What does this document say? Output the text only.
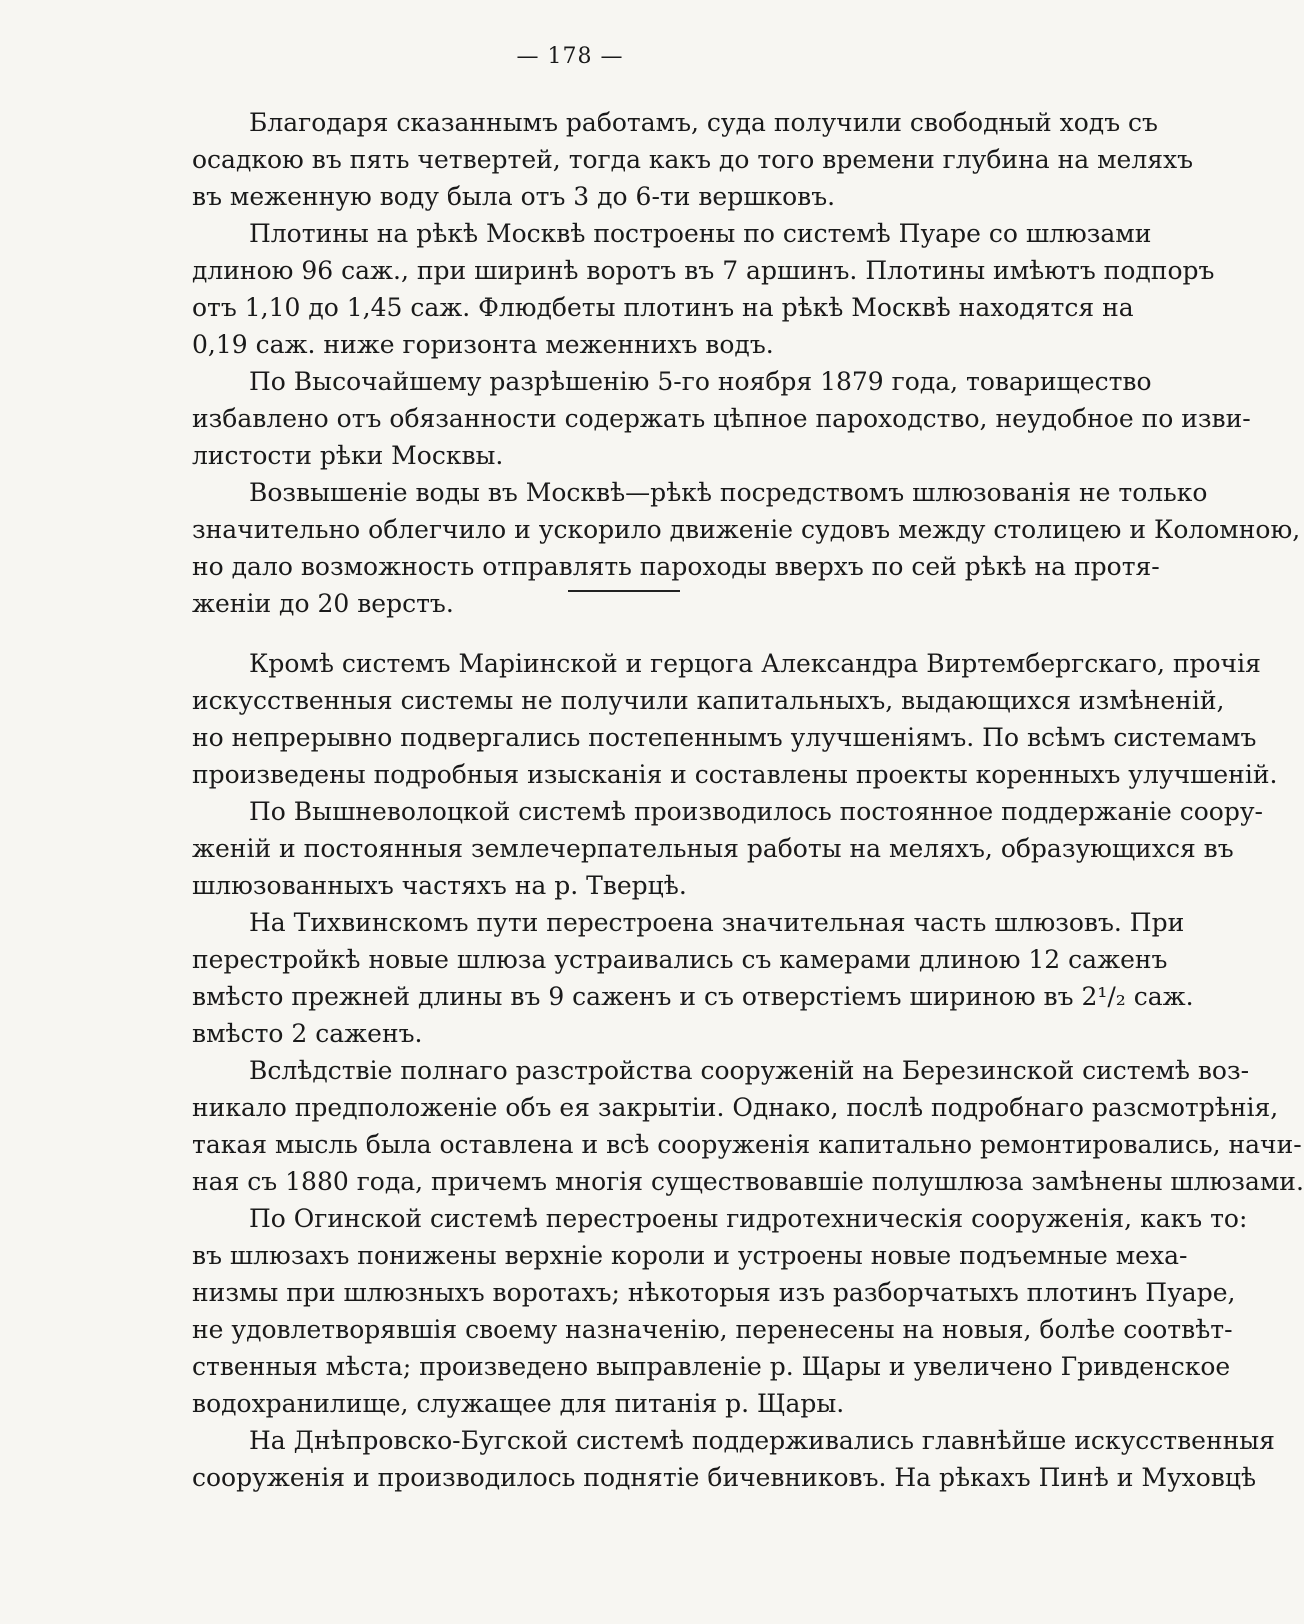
— 178 —

Благодаря сказаннымъ работамъ, суда получили свободный ходъ съ
осадкою въ пять четвертей, тогда какъ до того времени глубина на меляхъ
въ меженную воду была отъ 3 до 6-ти вершковъ.

Плотины на рѣкѣ Москвѣ построены по системѣ Пуаре со шлюзами
длиною 96 саж., при ширинѣ воротъ въ 7 аршинъ. Плотины имѣютъ подпоръ
отъ 1,10 до 1,45 саж. Флюдбеты плотинъ на рѣкѣ Москвѣ находятся на
0,19 саж. ниже горизонта меженнихъ водъ.

По Высочайшему разрѣшенію 5-го ноября 1879 года, товарищество
избавлено отъ обязанности содержать цѣпное пароходство, неудобное по изви-
листости рѣки Москвы.

Возвышеніе воды въ Москвѣ—рѣкѣ посредствомъ шлюзованія не только
значительно облегчило и ускорило движеніе судовъ между столицею и Коломною,
но дало возможность отправлять пароходы вверхъ по сей рѣкѣ на протя-
женіи до 20 верстъ.

Кромѣ системъ Маріинской и герцога Александра Виртембергскаго, прочія
искусственныя системы не получили капитальныхъ, выдающихся измѣненій,
но непрерывно подвергались постепеннымъ улучшеніямъ. По всѣмъ системамъ
произведены подробныя изысканія и составлены проекты коренныхъ улучшеній.

По Вышневолоцкой системѣ производилось постоянное поддержаніе соору-
женій и постоянныя землечерпательныя работы на меляхъ, образующихся въ
шлюзованныхъ частяхъ на р. Тверцѣ.

На Тихвинскомъ пути перестроена значительная часть шлюзовъ. При
перестройкѣ новые шлюза устраивались съ камерами длиною 12 саженъ
вмѣсто прежней длины въ 9 саженъ и съ отверстіемъ шириною въ 2¹/₂ саж.
вмѣсто 2 саженъ.

Вслѣдствіе полнаго разстройства сооруженій на Березинской системѣ воз-
никало предположеніе объ ея закрытіи. Однако, послѣ подробнаго разсмотрѣнія,
такая мысль была оставлена и всѣ сооруженія капитально ремонтировались, начи-
ная съ 1880 года, причемъ многія существовавшіе полушлюза замѣнены шлюзами.

По Огинской системѣ перестроены гидротехническія сооруженія, какъ то:
въ шлюзахъ понижены верхніе короли и устроены новые подъемные меха-
низмы при шлюзныхъ воротахъ; нѣкоторыя изъ разборчатыхъ плотинъ Пуаре,
не удовлетворявшія своему назначенію, перенесены на новыя, болѣе соотвѣт-
ственныя мѣста; произведено выправленіе р. Щары и увеличено Гривденское
водохранилище, служащее для питанія р. Щары.

На Днѣпровско-Бугской системѣ поддерживались главнѣйше искусственныя
сооруженія и производилось поднятіе бичевниковъ. На рѣкахъ Пинѣ и Муховцѣ
